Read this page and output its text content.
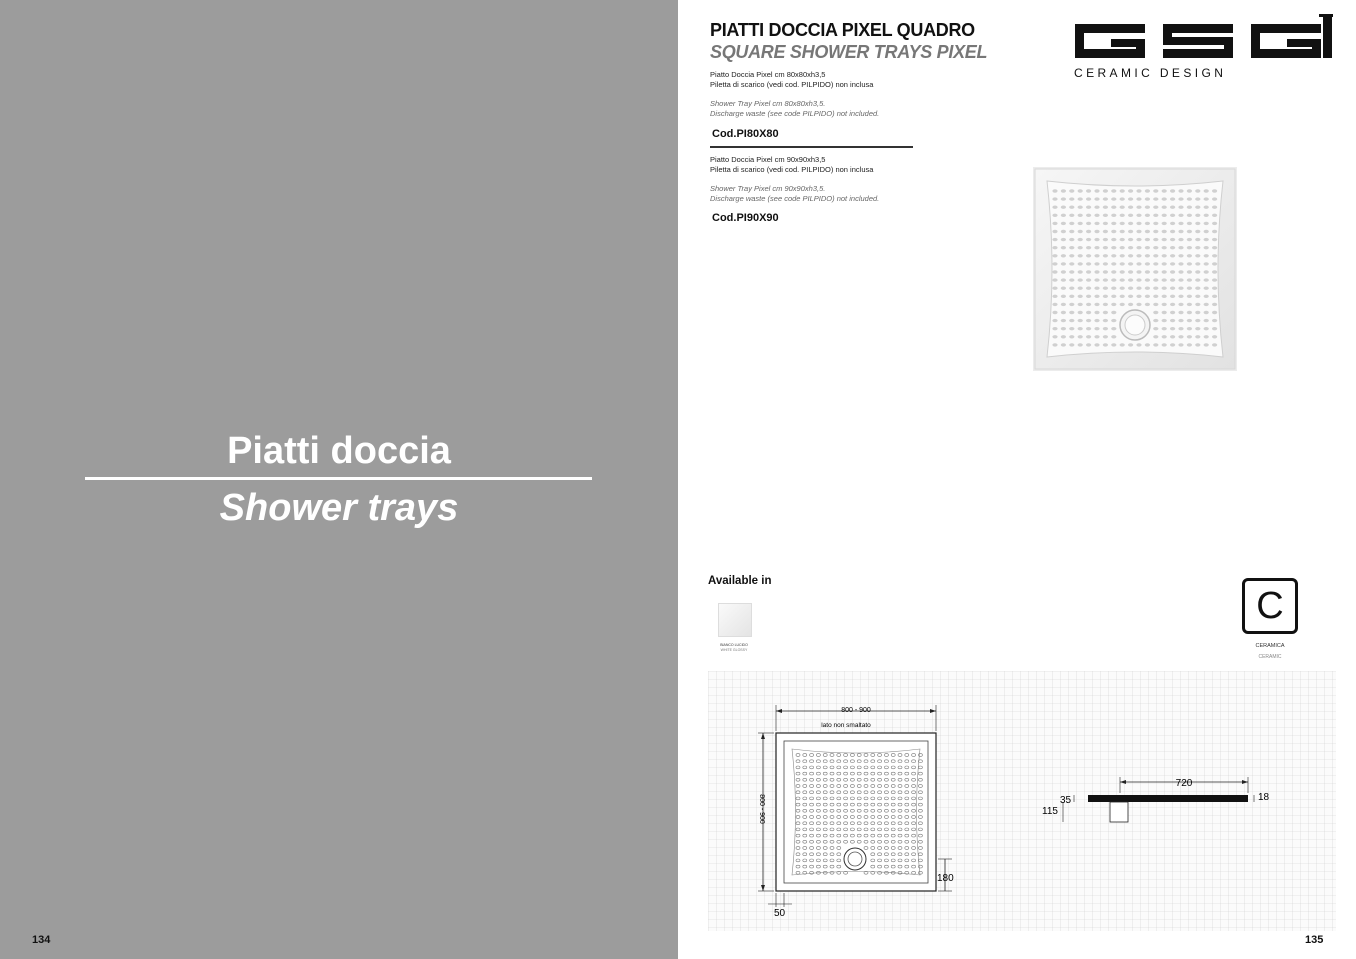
Piatti doccia
Shower trays
134
PIATTI DOCCIA PIXEL QUADRO
SQUARE SHOWER TRAYS PIXEL
Piatto Doccia Pixel cm 80x80xh3,5
Piletta di scarico (vedi cod. PILPIDO) non inclusa
Shower Tray Pixel cm 80x80xh3,5.
Discharge waste (see code PILPIDO) not included.
Cod.PI80X80
Piatto Doccia Pixel cm 90x90xh3,5
Piletta di scarico (vedi cod. PILPIDO) non inclusa
Shower Tray Pixel cm 90x90xh3,5.
Discharge waste (see code PILPIDO) not included.
Cod.PI90X90
CERAMIC DESIGN
Available in
BIANCO LUCIDO
WHITE GLOSSY
C
CERAMICA
CERAMIC
800 - 900
lato non smaltato
800 - 900
180
50
720
35	18
115
135
